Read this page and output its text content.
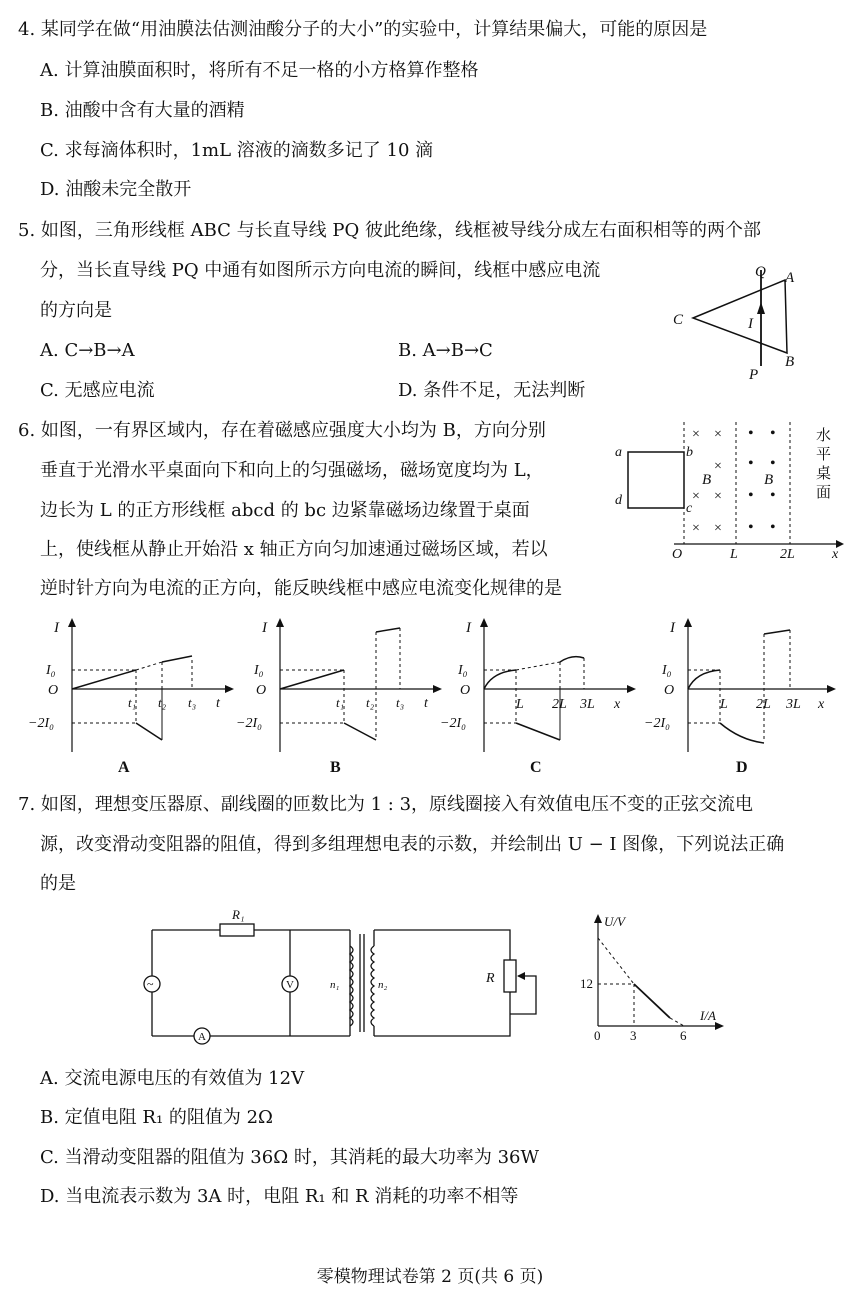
4. 某同学在做“用油膜法估测油酸分子的大小”的实验中，计算结果偏大，可能的原因是
A. 计算油膜面积时，将所有不足一格的小方格算作整格
B. 油酸中含有大量的酒精
C. 求每滴体积时，1mL 溶液的滴数多记了 10 滴
D. 油酸未完全散开
5. 如图，三角形线框 ABC 与长直导线 PQ 彼此绝缘，线框被导线分成左右面积相等的两个部
分，当长直导线 PQ 中通有如图所示方向电流的瞬间，线框中感应电流
的方向是
A. C→B→A	B. A→B→C
C. 无感应电流	D. 条件不足，无法判断
Q A
C	I
B
P
6. 如图，一有界区域内，存在着磁感应强度大小均为 B，方向分别
垂直于光滑水平桌面向下和向上的匀强磁场，磁场宽度均为 L，
边长为 L 的正方形线框 abcd 的 bc 边紧靠磁场边缘置于桌面
上，使线框从静止开始沿 x 轴正方向匀加速通过磁场区域，若以
逆时针方向为电流的正方向，能反映线框中感应电流变化规律的是
a	b
c
d
× ×
×
× ×
× ×
• •
• •
• •
• •
B	B
O	L	2L	x
水平 桌面
I
I₀
O
−2I₀
t₁ t₂ t₃ t
A
I
I₀
O
−2I₀
t₁ t₂ t₃ t
B
I
I₀
O
−2I₀
L 2L 3L x
C
I
I₀
O
−2I₀
L 2L 3L x
D
7. 如图，理想变压器原、副线圈的匝数比为 1 : 3，原线圈接入有效值电压不变的正弦交流电
源，改变滑动变阻器的阻值，得到多组理想电表的示数，并绘制出 U − I 图像，下列说法正确
的是
~	V
A
R₁
n₁	n₂	R
U/V
I/A
12
0 3	6
A. 交流电源电压的有效值为 12V
B. 定值电阻 R₁ 的阻值为 2Ω
C. 当滑动变阻器的阻值为 36Ω 时，其消耗的最大功率为 36W
D. 当电流表示数为 3A 时，电阻 R₁ 和 R 消耗的功率不相等
零模物理试卷第 2 页(共 6 页)
